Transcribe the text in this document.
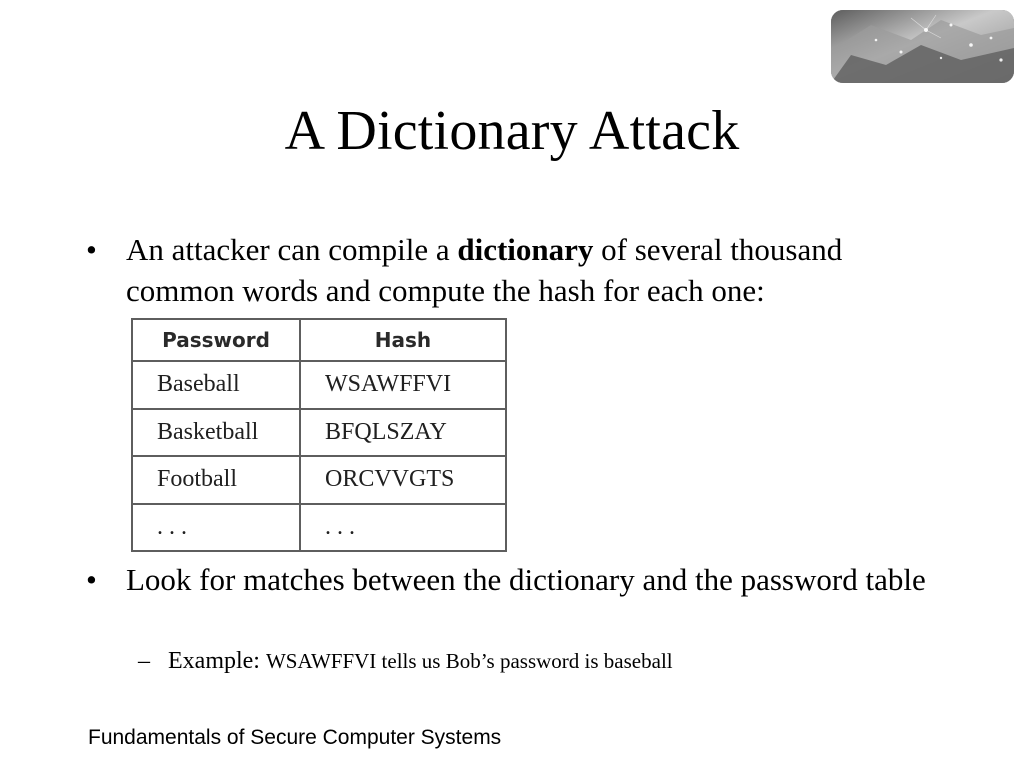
A Dictionary Attack
• An attacker can compile a dictionary of several thousand common words and compute the hash for each one:
Password	Hash
Baseball	WSAWFFVI
Basketball	BFQLSZAY
Football	ORCVVGTS
. . .	. . .
• Look for matches between the dictionary and the password table
– Example: WSAWFFVI tells us Bob’s password is baseball
Fundamentals of Secure Computer Systems
